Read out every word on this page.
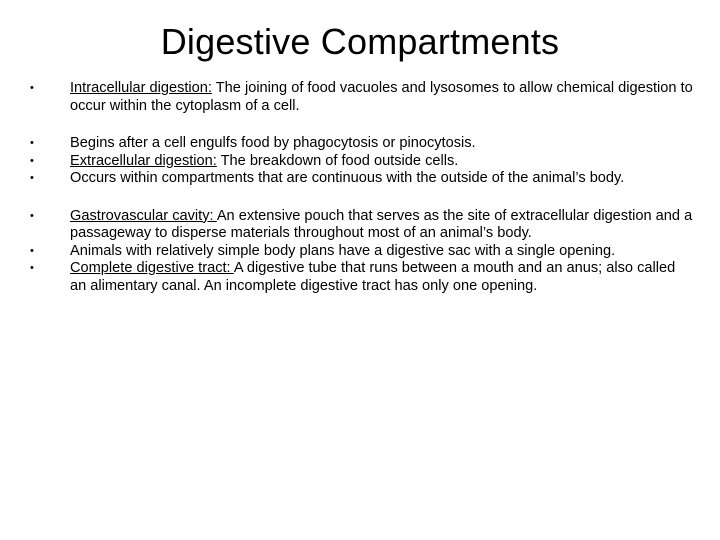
Digestive Compartments
•	Intracellular digestion: The joining of food vacuoles and lysosomes to allow chemical digestion to occur within the cytoplasm of a cell.
•	Begins after a cell engulfs food by phagocytosis or pinocytosis.
•	Extracellular digestion: The breakdown of food outside cells.
•	Occurs within compartments that are continuous with the outside of the animal’s body.
•	Gastrovascular cavity: An extensive pouch that serves as the site of extracellular digestion and a passageway to disperse materials throughout most of an animal’s body.
•	Animals with relatively simple body plans have a digestive sac with a single opening.
•	Complete digestive tract: A digestive tube that runs between a mouth and an anus; also called an alimentary canal. An incomplete digestive tract has only one opening.
